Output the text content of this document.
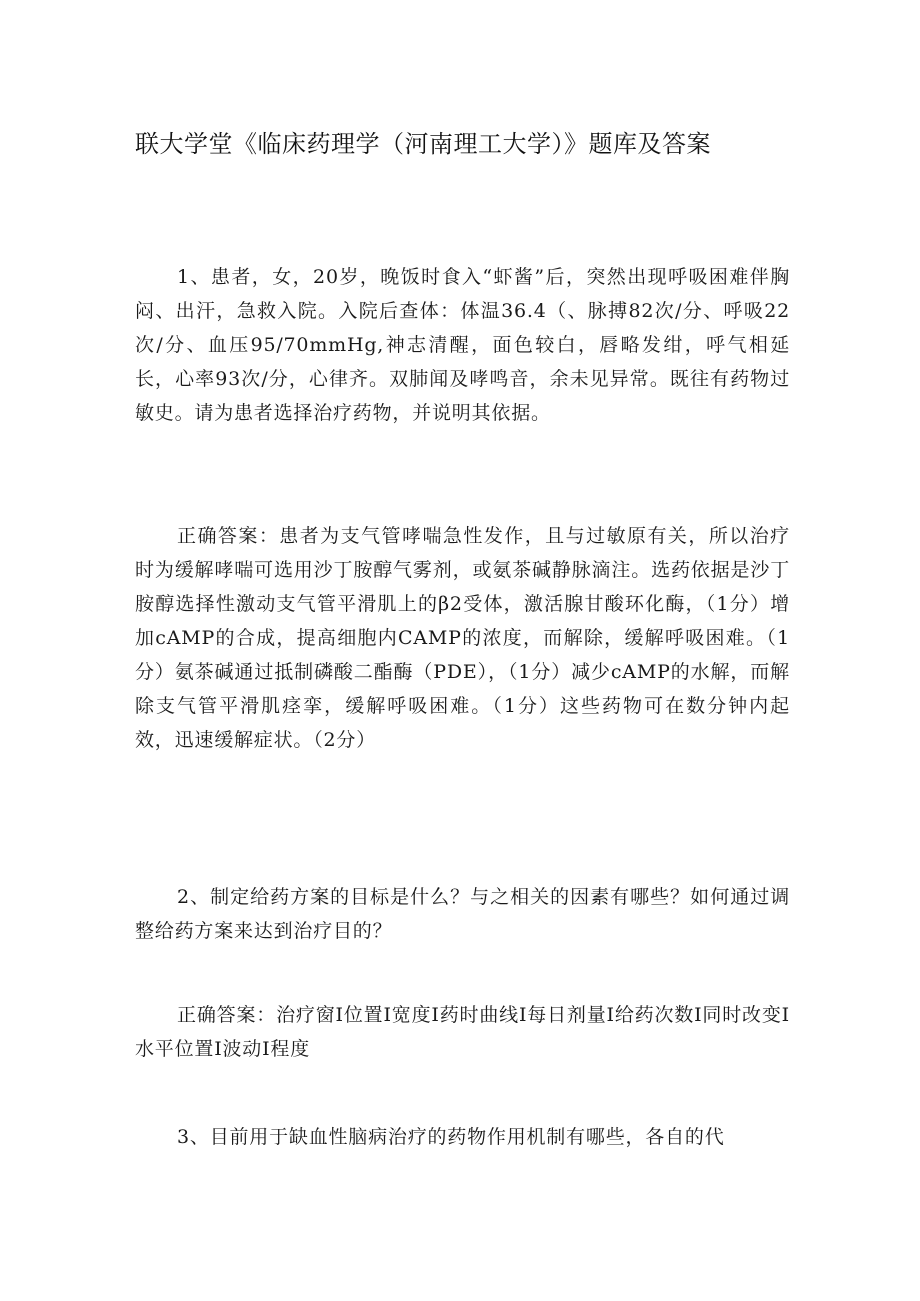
联大学堂《临床药理学（河南理工大学）》题库及答案

1、患者，女，20岁，晚饭时食入“虾酱”后，突然出现呼吸困难伴胸闷、出汗，急救入院。入院后查体：体温36.4（、脉搏82次/分、呼吸22次/分、血压95/70mmHg,神志清醒，面色较白，唇略发绀，呼气相延长，心率93次/分，心律齐。双肺闻及哮鸣音，余未见异常。既往有药物过敏史。请为患者选择治疗药物，并说明其依据。

正确答案：患者为支气管哮喘急性发作，且与过敏原有关，所以治疗时为缓解哮喘可选用沙丁胺醇气雾剂，或氨茶碱静脉滴注。选药依据是沙丁胺醇选择性激动支气管平滑肌上的β2受体，激活腺甘酸环化酶，（1分）增加cAMP的合成，提高细胞内CAMP的浓度，而解除，缓解呼吸困难。（1分）氨茶碱通过抵制磷酸二酯酶（PDE），（1分）减少cAMP的水解，而解除支气管平滑肌痉挛，缓解呼吸困难。（1分）这些药物可在数分钟内起效，迅速缓解症状。（2分）

2、制定给药方案的目标是什么？与之相关的因素有哪些？如何通过调整给药方案来达到治疗目的？

正确答案：治疗窗I位置I宽度I药时曲线I每日剂量I给药次数I同时改变I水平位置I波动I程度

3、目前用于缺血性脑病治疗的药物作用机制有哪些，各自的代
